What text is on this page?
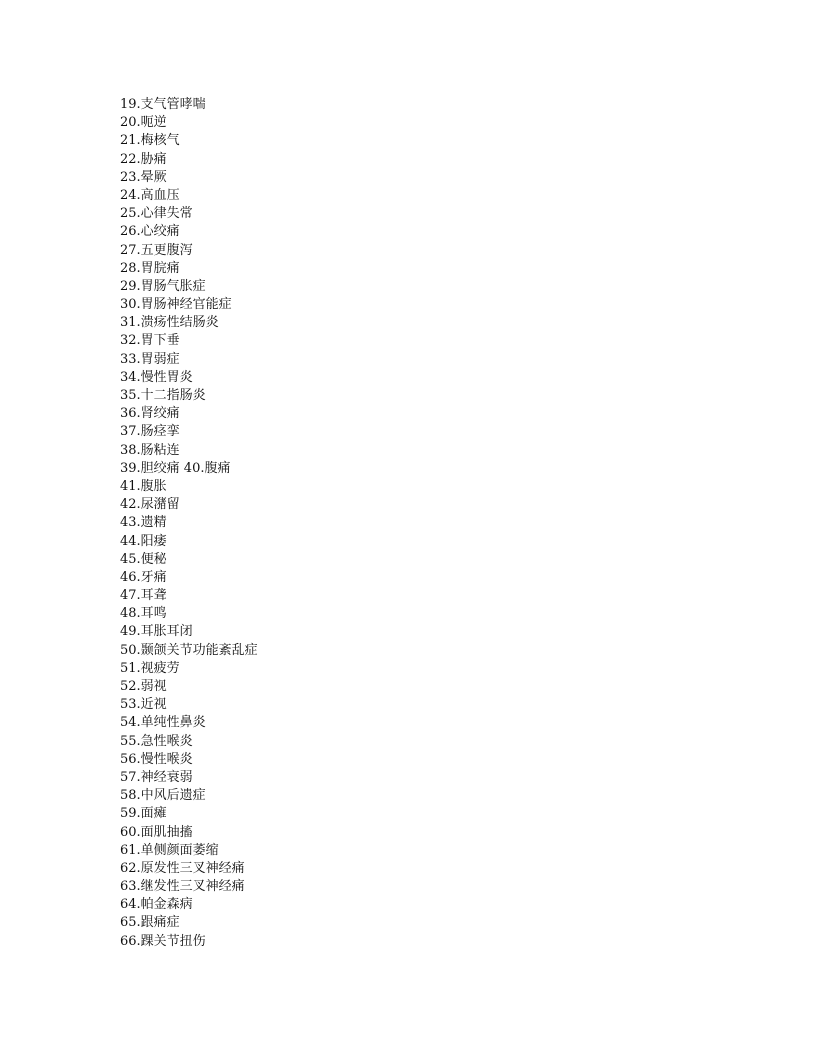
19.支气管哮喘
20.呃逆
21.梅核气
22.胁痛
23.晕厥
24.高血压
25.心律失常
26.心绞痛
27.五更腹泻
28.胃脘痛
29.胃肠气胀症
30.胃肠神经官能症
31.溃疡性结肠炎
32.胃下垂
33.胃弱症
34.慢性胃炎
35.十二指肠炎
36.肾绞痛
37.肠痉挛
38.肠粘连
39.胆绞痛 40.腹痛
41.腹胀
42.尿潴留
43.遗精
44.阳痿
45.便秘
46.牙痛
47.耳聋
48.耳鸣
49.耳胀耳闭
50.颞颌关节功能紊乱症
51.视疲劳
52.弱视
53.近视
54.单纯性鼻炎
55.急性喉炎
56.慢性喉炎
57.神经衰弱
58.中风后遗症
59.面瘫
60.面肌抽搐
61.单侧颜面萎缩
62.原发性三叉神经痛
63.继发性三叉神经痛
64.帕金森病
65.跟痛症
66.踝关节扭伤
